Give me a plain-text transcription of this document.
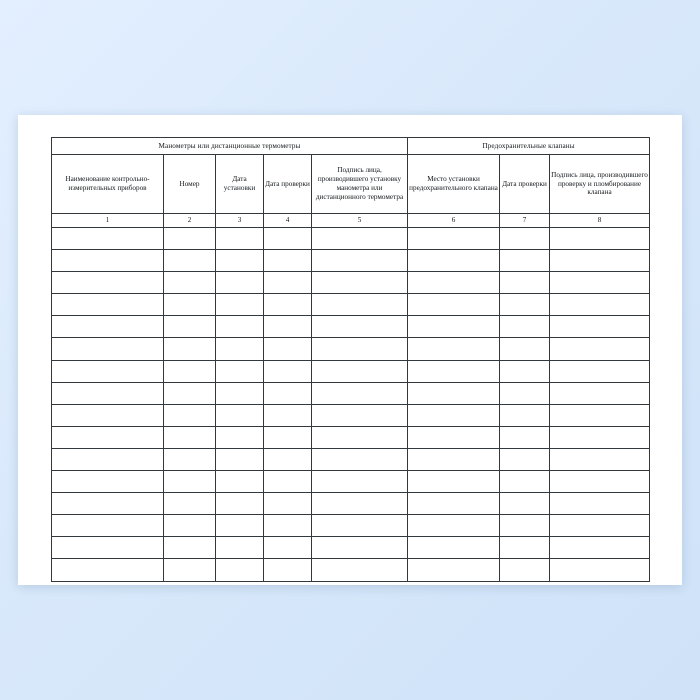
Манометры или дистанционные термометры					Предохранительные клапаны		

Наименование контрольно-измерительных приборов	Номер	Дата установки	Дата проверки	Подпись лица, производившего установку манометра или дистанционного термометра	Место установки предохранительного клапана	Дата проверки	Подпись лица, производившего проверку и пломбирование клапана

1	2	3	4	5	6	7	8
